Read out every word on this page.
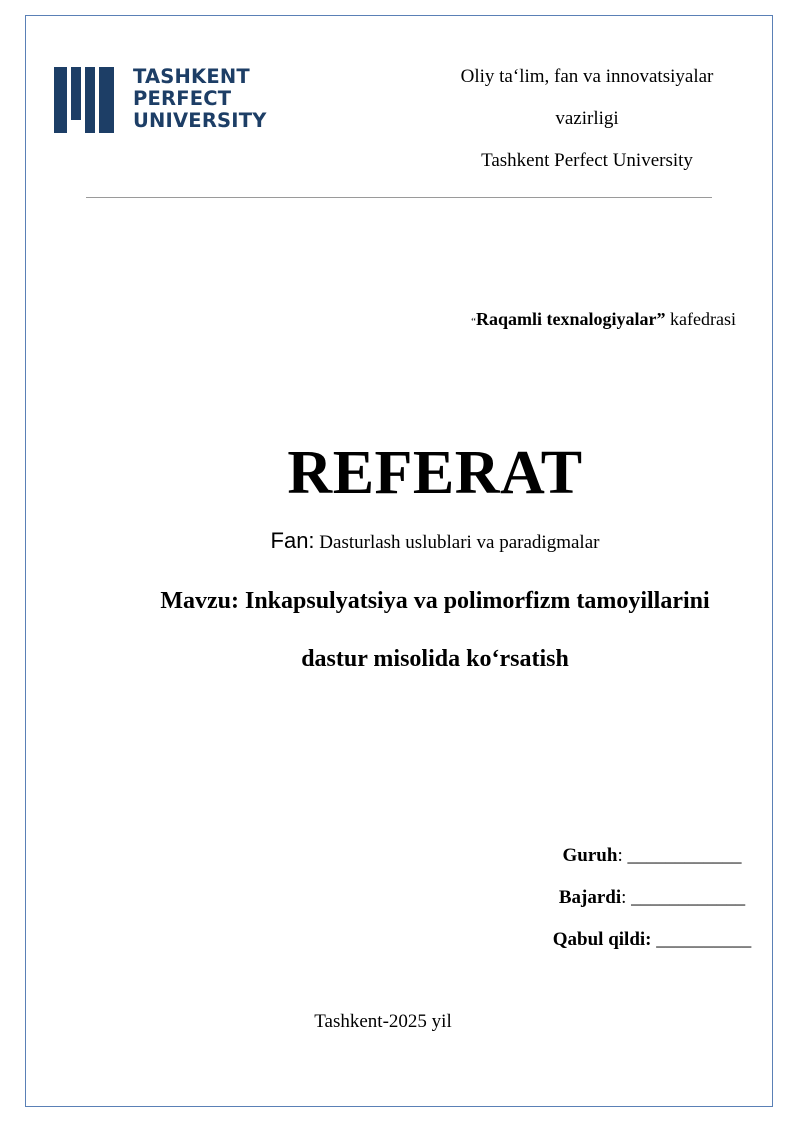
TASHKENT
PERFECT
UNIVERSITY
Oliy ta‘lim, fan va innovatsiyalar
vazirligi
Tashkent Perfect University
“Raqamli texnalogiyalar” kafedrasi
REFERAT
Fan: Dasturlash uslublari va paradigmalar
Mavzu: Inkapsulyatsiya va polimorfizm tamoyillarini
dastur misolida ko‘rsatish
Guruh: ____________
Bajardi: ____________
Qabul qildi: __________
Tashkent-2025 yil
